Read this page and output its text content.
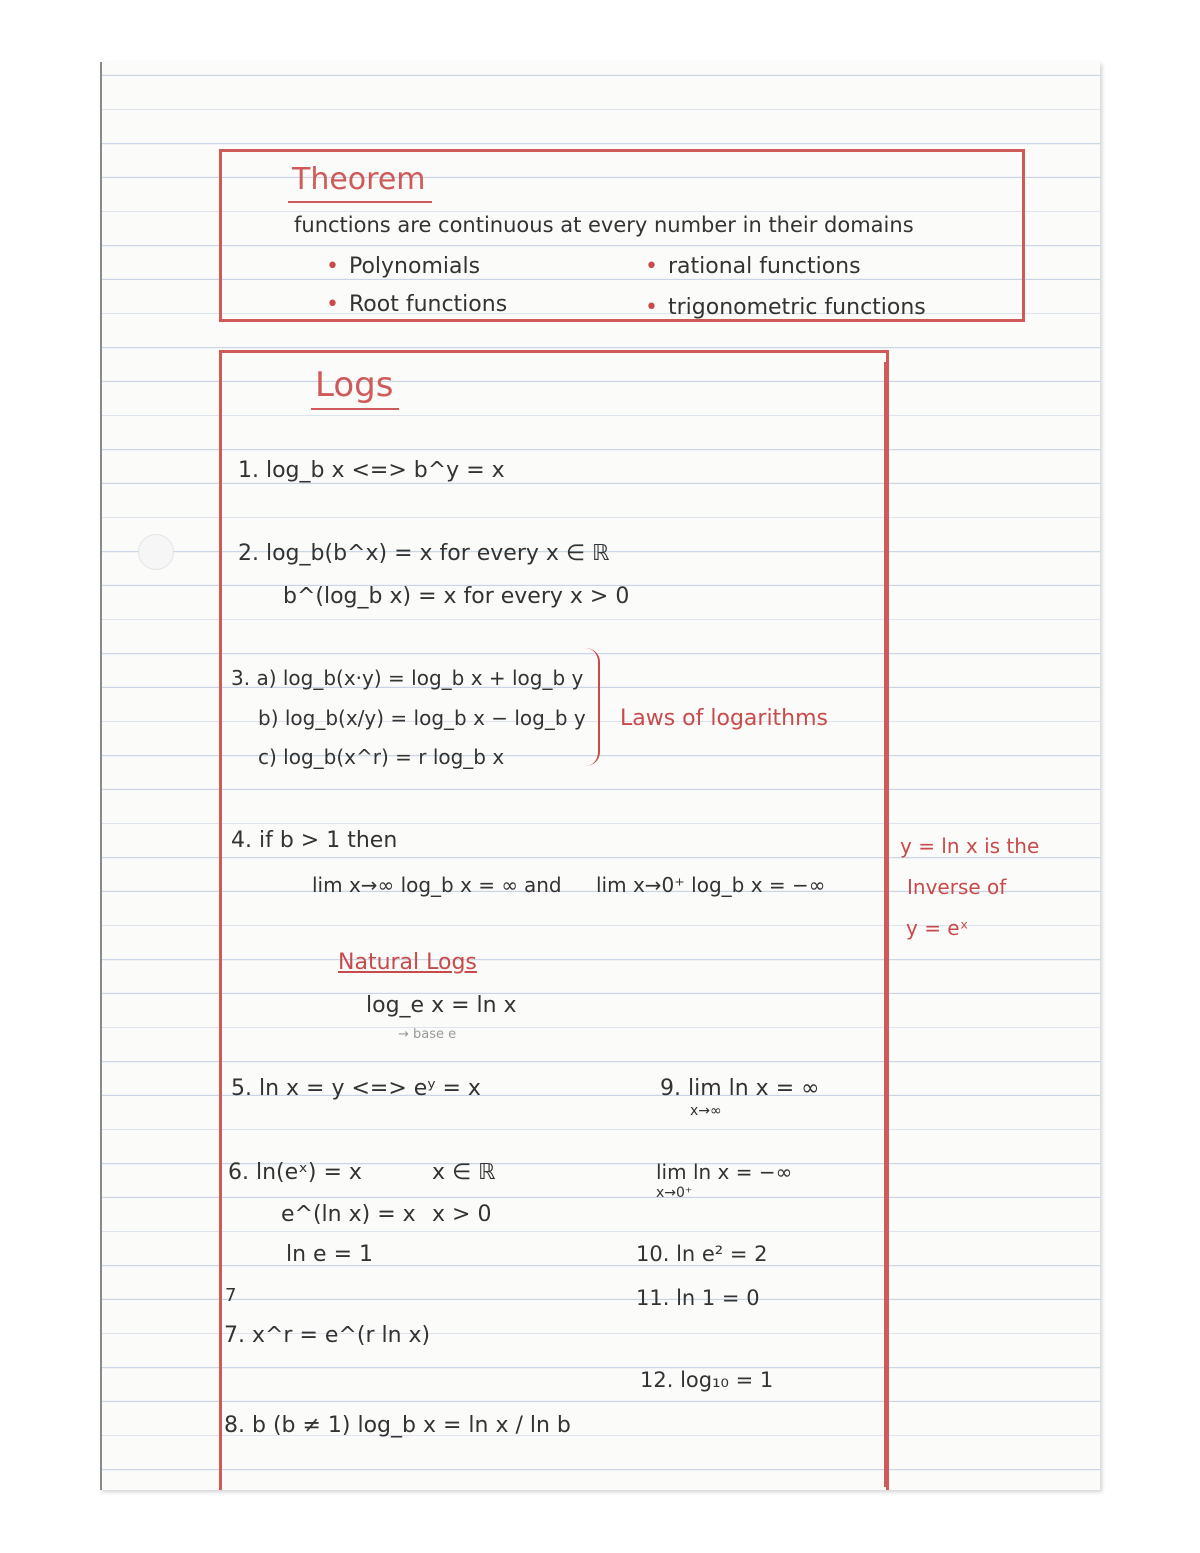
Theorem
functions are continuous at every number in their domains
• Polynomials	• rational functions
• Root functions	• trigonometric functions
Logs
1. log_b x <=> b^y = x
2. log_b(b^x) = x for every x ∈ ℝ
b^(log_b x) = x for every x > 0
3. a) log_b(x·y) = log_b x + log_b y
b) log_b(x/y) = log_b x − log_b y
c) log_b(x^r) = r log_b x
Laws of logarithms
4. if b > 1 then
lim x→∞ log_b x = ∞ and lim x→0⁺ log_b x = −∞
y = ln x is the
Inverse of
y = eˣ
Natural Logs
log_e x = ln x
→ base e
5. ln x = y <=> eʸ = x	9. lim ln x = ∞
x→∞
lim ln x = −∞
x→0⁺
6. ln(eˣ) = x	x ∈ ℝ
e^(ln x) = x x > 0
ln e = 1	10. ln e² = 2
7	11. ln 1 = 0
7. x^r = e^(r ln x)
12. log₁₀ = 1
8. b (b ≠ 1) log_b x = ln x / ln b
